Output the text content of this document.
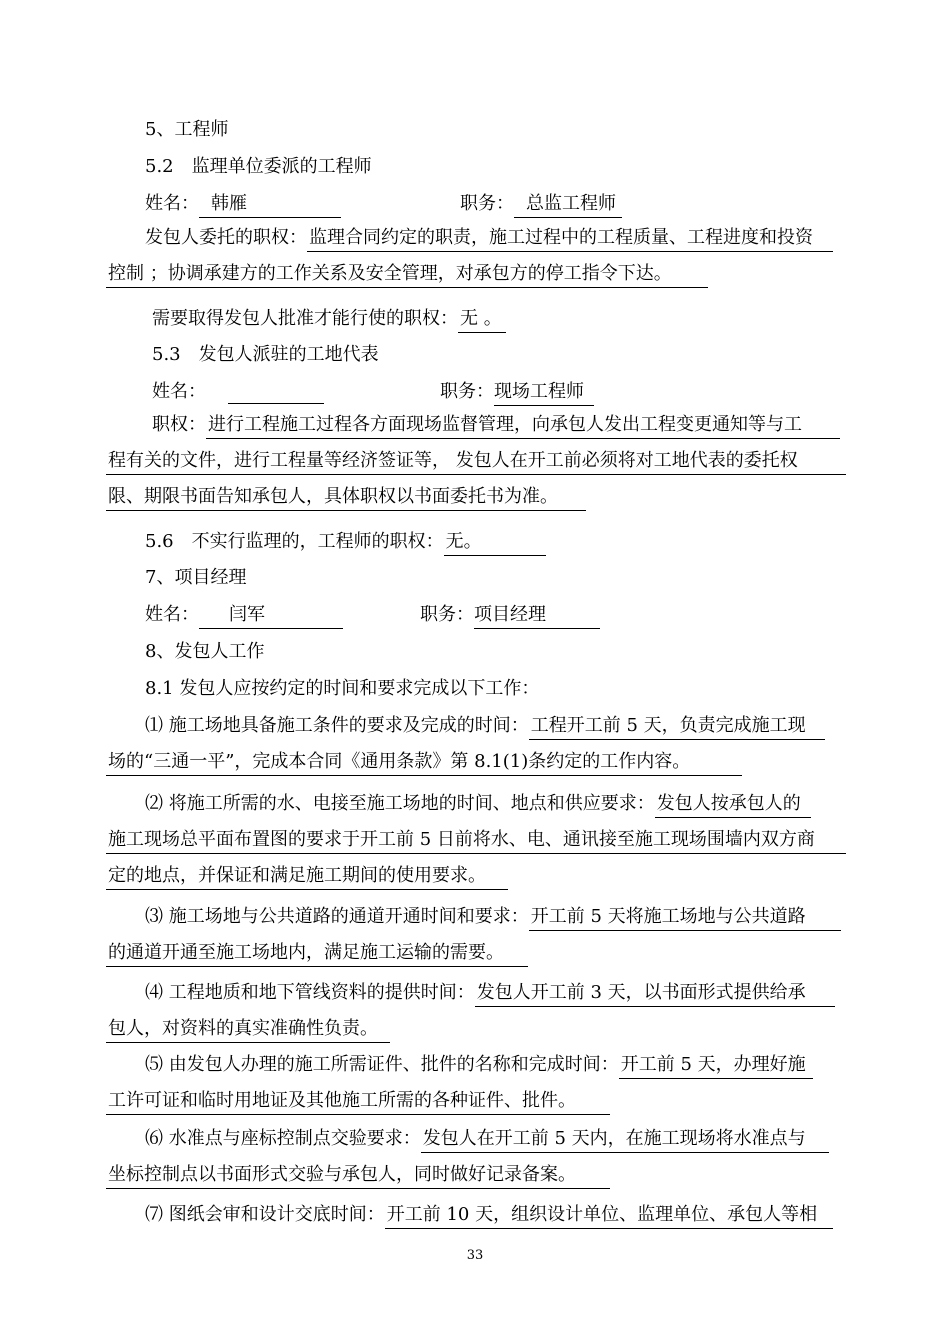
5、工程师
5.2　监理单位委派的工程师
姓名： 韩雁	职务： 总监工程师
发包人委托的职权： 监理合同约定的职责，施工过程中的工程质量、工程进度和投资
控制 ；协调承建方的工作关系及安全管理，对承包方的停工指令下达。
需要取得发包人批准才能行使的职权： 无 。
5.3　发包人派驻的工地代表
姓名：	职务：现场工程师
职权： 进行工程施工过程各方面现场监督管理，向承包人发出工程变更通知等与工
程有关的文件，进行工程量等经济签证等， 发包人在开工前必须将对工地代表的委托权
限、期限书面告知承包人，具体职权以书面委托书为准。
5.6　不实行监理的，工程师的职权： 无。
7、项目经理
姓名： 闫军	职务：项目经理
8、发包人工作
8.1 发包人应按约定的时间和要求完成以下工作：
⑴ 施工场地具备施工条件的要求及完成的时间： 工程开工前 5 天，负责完成施工现
场的“三通一平”，完成本合同《通用条款》第 8.1(1)条约定的工作内容。
⑵ 将施工所需的水、电接至施工场地的时间、地点和供应要求： 发包人按承包人的
施工现场总平面布置图的要求于开工前 5 日前将水、电、通讯接至施工现场围墙内双方商
定的地点，并保证和满足施工期间的使用要求。
⑶ 施工场地与公共道路的通道开通时间和要求： 开工前 5 天将施工场地与公共道路
的通道开通至施工场地内，满足施工运输的需要。
⑷ 工程地质和地下管线资料的提供时间： 发包人开工前 3 天，以书面形式提供给承
包人，对资料的真实准确性负责。
⑸ 由发包人办理的施工所需证件、批件的名称和完成时间： 开工前 5 天，办理好施
工许可证和临时用地证及其他施工所需的各种证件、批件。
⑹ 水准点与座标控制点交验要求： 发包人在开工前 5 天内，在施工现场将水准点与
坐标控制点以书面形式交验与承包人，同时做好记录备案。
⑺ 图纸会审和设计交底时间： 开工前 10 天，组织设计单位、监理单位、承包人等相
33
